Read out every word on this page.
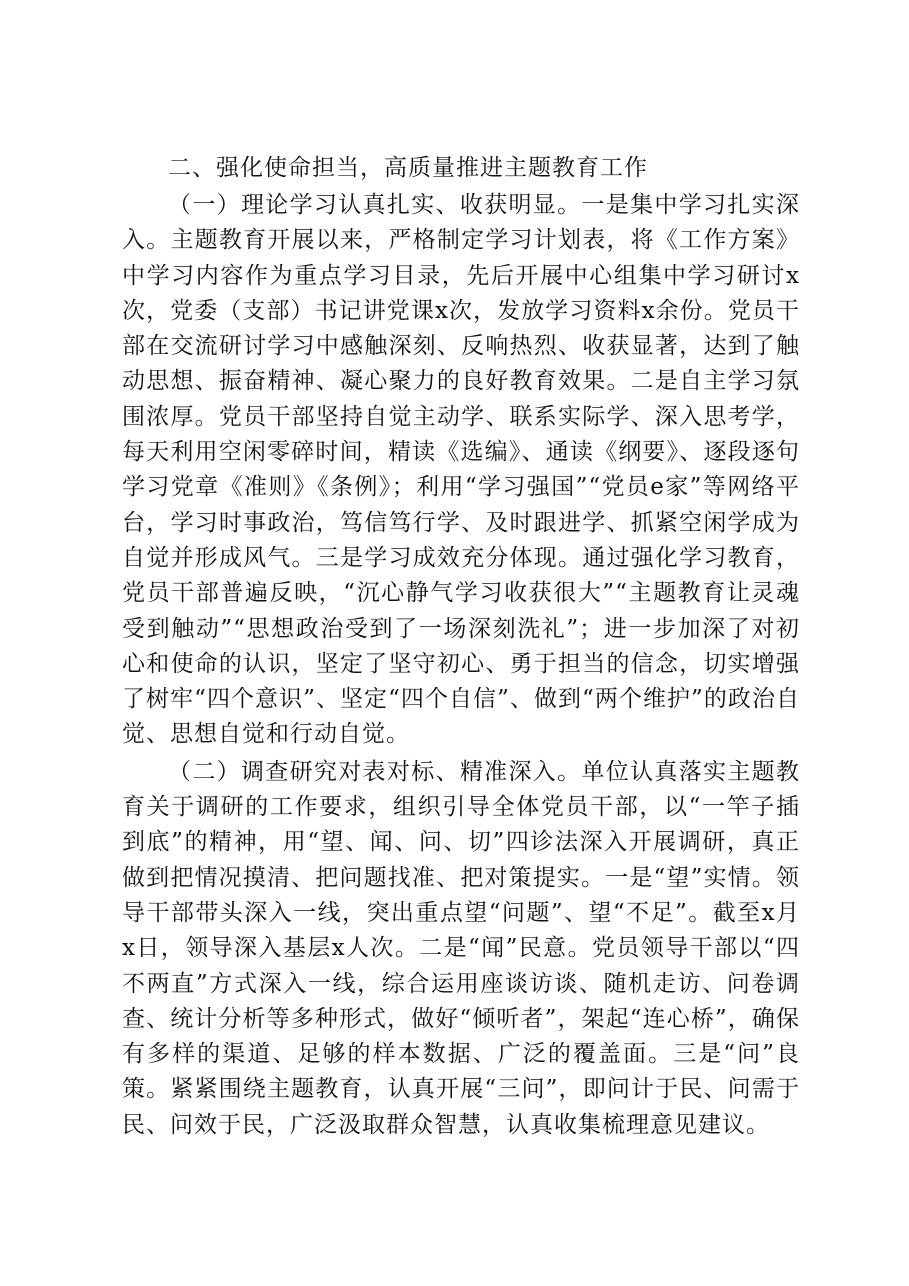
二、强化使命担当，高质量推进主题教育工作

（一）理论学习认真扎实、收获明显。一是集中学习扎实深入。主题教育开展以来，严格制定学习计划表，将《工作方案》中学习内容作为重点学习目录，先后开展中心组集中学习研讨x次，党委（支部）书记讲党课x次，发放学习资料x余份。党员干部在交流研讨学习中感触深刻、反响热烈、收获显著，达到了触动思想、振奋精神、凝心聚力的良好教育效果。二是自主学习氛围浓厚。党员干部坚持自觉主动学、联系实际学、深入思考学，每天利用空闲零碎时间，精读《选编》、通读《纲要》、逐段逐句学习党章《准则》《条例》；利用“学习强国”“党员e家”等网络平台，学习时事政治，笃信笃行学、及时跟进学、抓紧空闲学成为自觉并形成风气。三是学习成效充分体现。通过强化学习教育，党员干部普遍反映，“沉心静气学习收获很大”“主题教育让灵魂受到触动”“思想政治受到了一场深刻洗礼”；进一步加深了对初心和使命的认识，坚定了坚守初心、勇于担当的信念，切实增强了树牢“四个意识”、坚定“四个自信”、做到“两个维护”的政治自觉、思想自觉和行动自觉。

（二）调查研究对表对标、精准深入。单位认真落实主题教育关于调研的工作要求，组织引导全体党员干部，以“一竿子插到底”的精神，用“望、闻、问、切”四诊法深入开展调研，真正做到把情况摸清、把问题找准、把对策提实。一是“望”实情。领导干部带头深入一线，突出重点望“问题”、望“不足”。截至x月x日，领导深入基层x人次。二是“闻”民意。党员领导干部以“四不两直”方式深入一线，综合运用座谈访谈、随机走访、问卷调查、统计分析等多种形式，做好“倾听者”，架起“连心桥”，确保有多样的渠道、足够的样本数据、广泛的覆盖面。三是“问”良策。紧紧围绕主题教育，认真开展“三问”，即问计于民、问需于民、问效于民，广泛汲取群众智慧，认真收集梳理意见建议。
